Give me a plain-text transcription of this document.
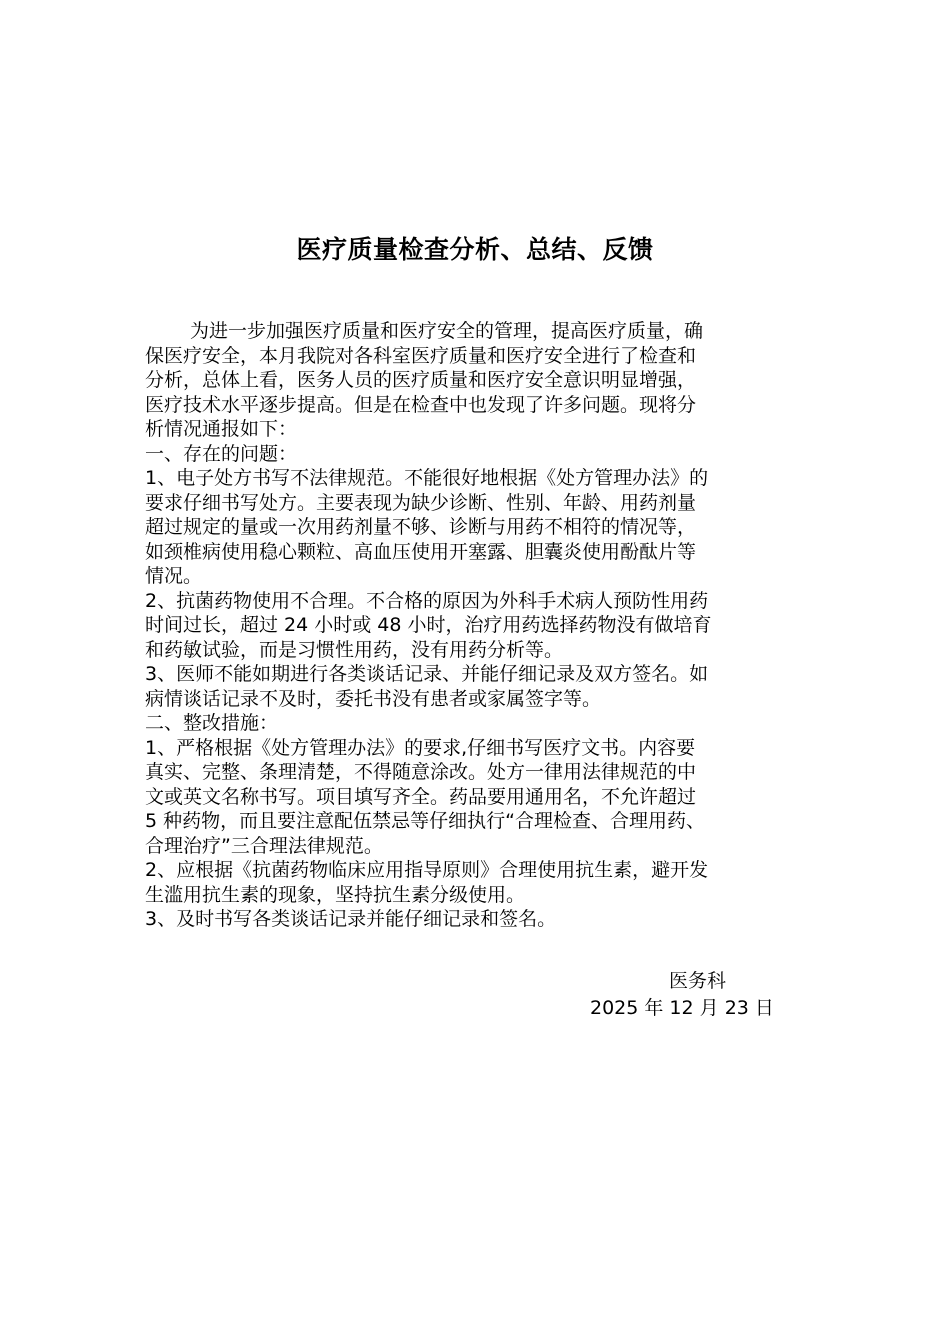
医疗质量检查分析、总结、反馈
为进一步加强医疗质量和医疗安全的管理，提高医疗质量，确
保医疗安全，本月我院对各科室医疗质量和医疗安全进行了检查和
分析，总体上看，医务人员的医疗质量和医疗安全意识明显增强，
医疗技术水平逐步提高。但是在检查中也发现了许多问题。现将分
析情况通报如下：
一、存在的问题：
1、电子处方书写不法律规范。不能很好地根据《处方管理办法》的
要求仔细书写处方。主要表现为缺少诊断、性别、年龄、用药剂量
超过规定的量或一次用药剂量不够、诊断与用药不相符的情况等，
如颈椎病使用稳心颗粒、高血压使用开塞露、胆囊炎使用酚酞片等
情况。
2、抗菌药物使用不合理。不合格的原因为外科手术病人预防性用药
时间过长，超过 24 小时或 48 小时，治疗用药选择药物没有做培育
和药敏试验，而是习惯性用药，没有用药分析等。
3、医师不能如期进行各类谈话记录、并能仔细记录及双方签名。如
病情谈话记录不及时，委托书没有患者或家属签字等。
二、整改措施：
1、严格根据《处方管理办法》的要求,仔细书写医疗文书。内容要
真实、完整、条理清楚，不得随意涂改。处方一律用法律规范的中
文或英文名称书写。项目填写齐全。药品要用通用名，不允许超过
5 种药物，而且要注意配伍禁忌等仔细执行“合理检查、合理用药、
合理治疗”三合理法律规范。
2、应根据《抗菌药物临床应用指导原则》合理使用抗生素，避开发
生滥用抗生素的现象，坚持抗生素分级使用。
3、及时书写各类谈话记录并能仔细记录和签名。
医务科
2025 年 12 月 23 日
